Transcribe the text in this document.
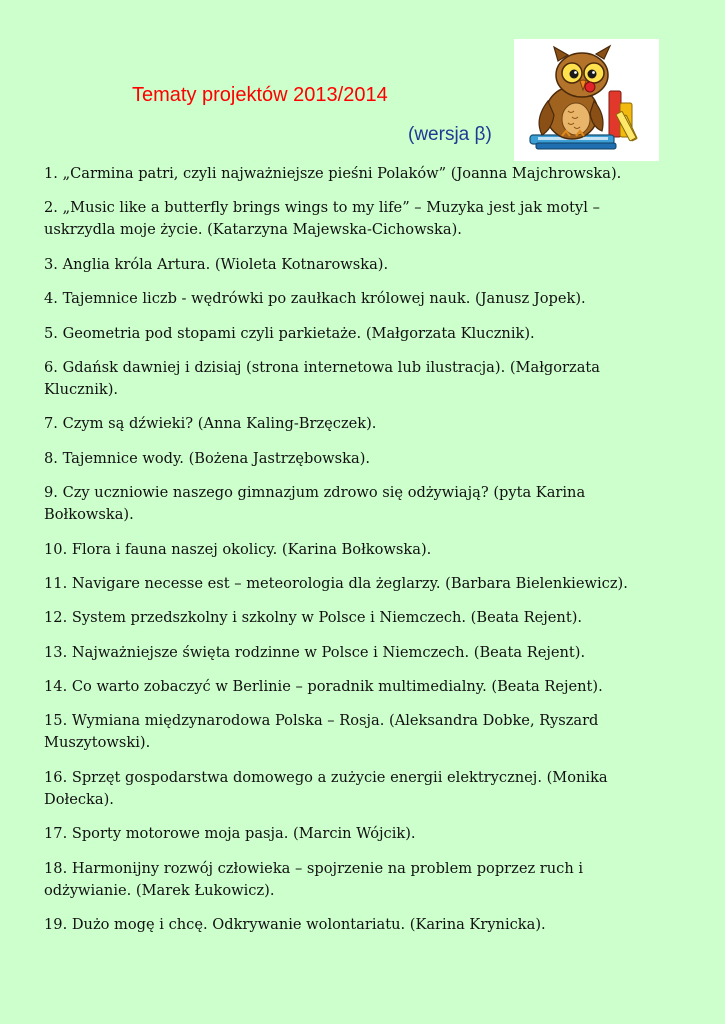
Tematy projektów 2013/2014
(wersja β)
1. „Carmina patri, czyli najważniejsze pieśni Polaków” (Joanna Majchrowska).
2. „Music like a butterfly brings wings to my life” – Muzyka jest jak motyl – uskrzydla moje życie. (Katarzyna Majewska-Cichowska).
3. Anglia króla Artura. (Wioleta Kotnarowska).
4. Tajemnice liczb - wędrówki po zaułkach królowej nauk. (Janusz Jopek).
5. Geometria pod stopami czyli parkietaże. (Małgorzata Klucznik).
6. Gdańsk dawniej i dzisiaj (strona internetowa lub ilustracja). (Małgorzata Klucznik).
7. Czym są dźwieki? (Anna Kaling-Brzęczek).
8. Tajemnice wody. (Bożena Jastrzębowska).
9. Czy uczniowie naszego gimnazjum zdrowo się odżywiają? (pyta Karina Bołkowska).
10. Flora i fauna naszej okolicy. (Karina Bołkowska).
11. Navigare necesse est – meteorologia dla żeglarzy. (Barbara Bielenkiewicz).
12. System przedszkolny i szkolny w Polsce i Niemczech. (Beata Rejent).
13. Najważniejsze święta rodzinne w Polsce i Niemczech. (Beata Rejent).
14. Co warto zobaczyć w Berlinie – poradnik multimedialny. (Beata Rejent).
15. Wymiana międzynarodowa Polska – Rosja. (Aleksandra Dobke, Ryszard Muszytowski).
16. Sprzęt gospodarstwa domowego a zużycie energii elektrycznej. (Monika Dołecka).
17. Sporty motorowe moja pasja. (Marcin Wójcik).
18. Harmonijny rozwój człowieka – spojrzenie na problem poprzez ruch i odżywianie. (Marek Łukowicz).
19. Dużo mogę i chcę. Odkrywanie wolontariatu. (Karina Krynicka).
